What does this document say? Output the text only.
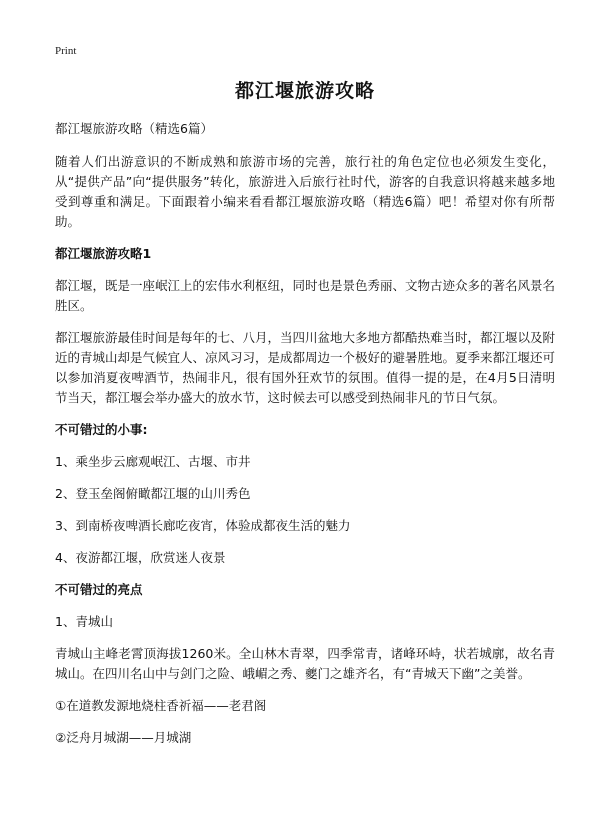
Print
都江堰旅游攻略

都江堰旅游攻略（精选6篇）

随着人们出游意识的不断成熟和旅游市场的完善，旅行社的角色定位也必须发生变化，从“提供产品”向“提供服务”转化，旅游进入后旅行社时代，游客的自我意识将越来越多地受到尊重和满足。下面跟着小编来看看都江堰旅游攻略（精选6篇）吧！希望对你有所帮助。

都江堰旅游攻略1

都江堰，既是一座岷江上的宏伟水利枢纽，同时也是景色秀丽、文物古迹众多的著名风景名胜区。

都江堰旅游最佳时间是每年的七、八月，当四川盆地大多地方都酷热难当时，都江堰以及附近的青城山却是气候宜人、凉风习习，是成都周边一个极好的避暑胜地。夏季来都江堰还可以参加消夏夜啤酒节，热闹非凡，很有国外狂欢节的氛围。值得一提的是，在4月5日清明节当天，都江堰会举办盛大的放水节，这时候去可以感受到热闹非凡的节日气氛。

不可错过的小事:
1、乘坐步云廊观岷江、古堰、市井
2、登玉垒阁俯瞰都江堰的山川秀色
3、到南桥夜啤酒长廊吃夜宵，体验成都夜生活的魅力
4、夜游都江堰，欣赏迷人夜景
不可错过的亮点
1、青城山

青城山主峰老霄顶海拔1260米。全山林木青翠，四季常青，诸峰环峙，状若城廓，故名青城山。在四川名山中与剑门之险、峨嵋之秀、夔门之雄齐名，有“青城天下幽”之美誉。

①在道教发源地烧柱香祈福——老君阁
②泛舟月城湖——月城湖
